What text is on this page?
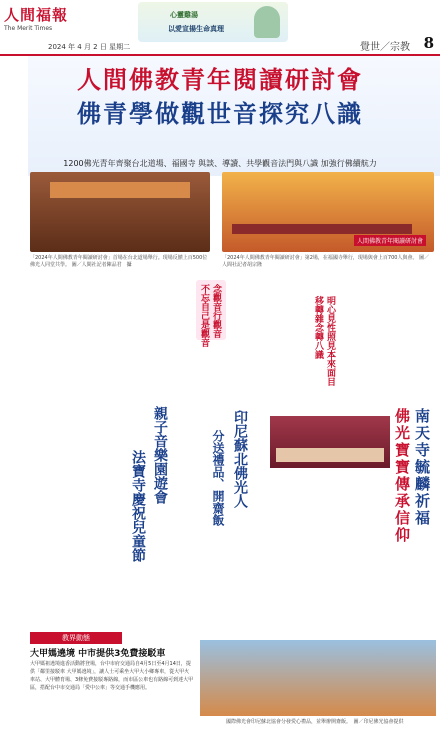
人間福報
The Merit Times
2024 年 4 月 2 日 星期二
心靈雞湯
以愛宣揚生命真理
覺世／宗教 8
人間佛教青年閱讀研討會
佛青學做觀世音探究八識
1200佛光青年齊聚台北道場、福國寺 與談、導讀、共學觀音法門與八識 加強行佛續航力
人間佛教青年閱讀研討會
「2024年人間佛教青年閱讀研討會」首場在台北道場舉行。現場反饋上百500位佛光人同堂共學。 圖／人間社記者陳品君　攝
「2024年人間佛教青年閱讀研討會」第2場，在福國寺舉行，現場與會上百700人與會。 圖／人間社記者胡宗隆
念觀音行觀音
不忘自己是觀音	明心見性照見本來面目
移轉雜念轉八識
南天寺毓麟祈福
佛光寶寶傳承信仰
印尼蘇北佛光人
分送禮品、開齋飯
親子音樂園遊會
法寶寺慶祝兒童節
教界動態
大甲媽遶境 中市提供3免費接駁車
大甲媽祖遶境進香活動將登場，台中市府交通局自4月5日至4月14日，提供「鄰里接駁車 大甲媽遶境」，讓人士可乘坐大甲大小鄉專車，從大甲火車站、大甲體育場、3條免費接駁專路線，而市區公車也有路線可到達大甲區，搭配台中市交通局「愛中公車」等交通手機應用。
國際佛光會印尼蘇北協會分發愛心禮品，並舉辦開齋飯。　圖／印尼佛光協會提供
